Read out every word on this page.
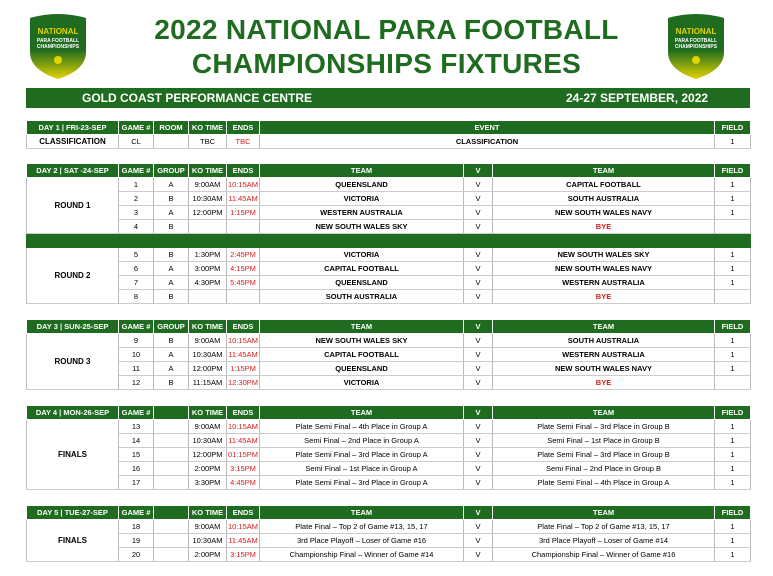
2022 NATIONAL PARA FOOTBALL
CHAMPIONSHIPS FIXTURES
NATIONAL
PARA FOOTBALL
CHAMPIONSHIPS
NATIONAL
PARA FOOTBALL
CHAMPIONSHIPS
GOLD COAST PERFORMANCE CENTRE	24-27 SEPTEMBER, 2022
DAY 1 | FRI-23-SEP	GAME #	ROOM	KO TIME	ENDS	EVENT	FIELD
CLASSIFICATION	CL		TBC	TBC	CLASSIFICATION	1
DAY 2 | SAT -24-SEP	GAME #	GROUP	KO TIME	ENDS	TEAM	V	TEAM	FIELD
ROUND 1	1	A	9:00AM	10:15AM	QUEENSLAND	V	CAPITAL FOOTBALL	1
	2	B	10:30AM	11:45AM	VICTORIA	V	SOUTH AUSTRALIA	1
	3	A	12:00PM	1:15PM	WESTERN AUSTRALIA	V	NEW SOUTH WALES NAVY	1
	4	B			NEW SOUTH WALES SKY	V	BYE	

ROUND 2	5	B	1:30PM	2:45PM	VICTORIA	V	NEW SOUTH WALES SKY	1
	6	A	3:00PM	4:15PM	CAPITAL FOOTBALL	V	NEW SOUTH WALES NAVY	1
	7	A	4:30PM	5:45PM	QUEENSLAND	V	WESTERN AUSTRALIA	1
	8	B			SOUTH AUSTRALIA	V	BYE	
DAY 3 | SUN-25-SEP	GAME #	GROUP	KO TIME	ENDS	TEAM	V	TEAM	FIELD
ROUND 3	9	B	9:00AM	10:15AM	NEW SOUTH WALES SKY	V	SOUTH AUSTRALIA	1
	10	A	10:30AM	11:45AM	CAPITAL FOOTBALL	V	WESTERN AUSTRALIA	1
	11	A	12:00PM	1:15PM	QUEENSLAND	V	NEW SOUTH WALES NAVY	1
	12	B	11:15AM	12:30PM	VICTORIA	V	BYE	
DAY 4 | MON-26-SEP	GAME #		KO TIME	ENDS	TEAM	V	TEAM	FIELD
FINALS	13		9:00AM	10:15AM	Plate Semi Final – 4th Place in Group A	V	Plate Semi Final – 3rd Place in Group B	1
	14		10:30AM	11:45AM	Semi Final – 2nd Place in Group A	V	Semi Final – 1st Place in Group B	1
	15		12:00PM	01:15PM	Plate Semi Final – 3rd Place in Group A	V	Plate Semi Final – 3rd Place in Group B	1
	16		2:00PM	3:15PM	Semi Final – 1st Place in Group A	V	Semi Final – 2nd Place in Group B	1
	17		3:30PM	4:45PM	Plate Semi Final – 3rd Place in Group A	V	Plate Semi Final – 4th Place in Group A	1
DAY 5 | TUE-27-SEP	GAME #		KO TIME	ENDS	TEAM	V	TEAM	FIELD
FINALS	18		9:00AM	10:15AM	Plate Final – Top 2 of Game #13, 15, 17	V	Plate Final – Top 2 of Game #13, 15, 17	1
	19		10:30AM	11:45AM	3rd Place Playoff – Loser of Game #16	V	3rd Place Playoff – Loser of Game #14	1
	20		2:00PM	3:15PM	Championship Final – Winner of Game #14	V	Championship Final – Winner of Game #16	1
